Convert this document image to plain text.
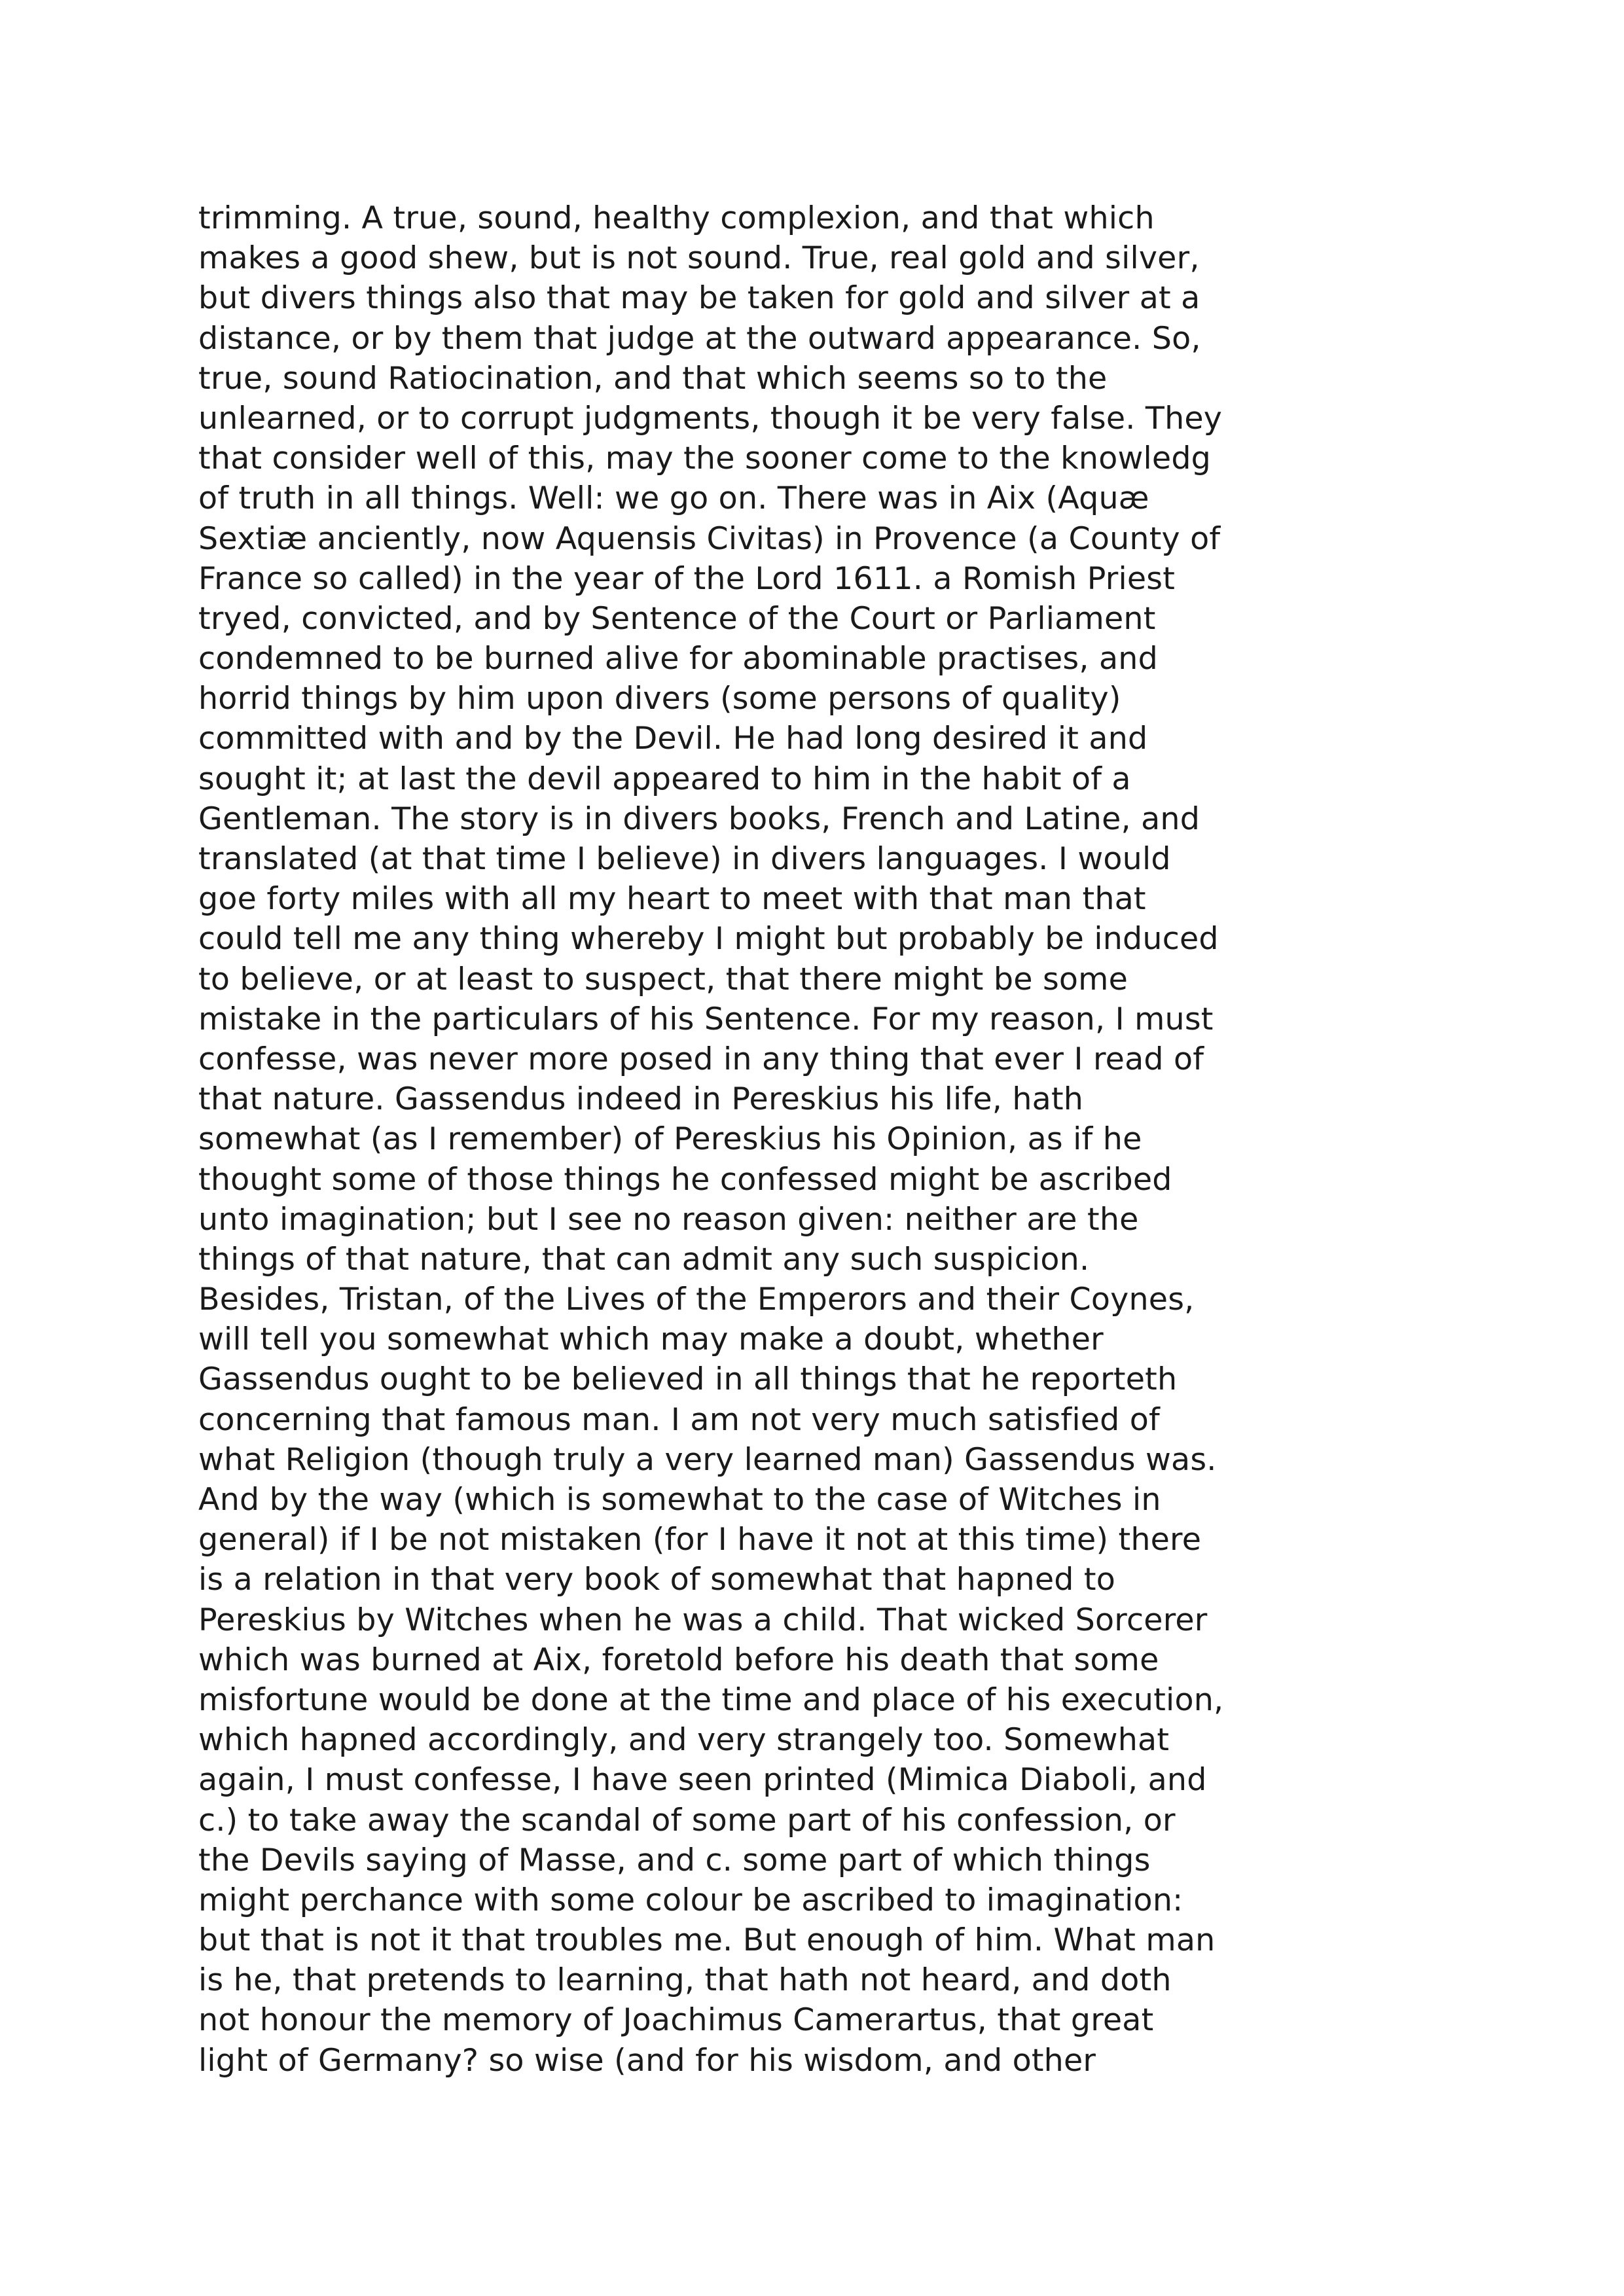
trimming. A true, sound, healthy complexion, and that which
makes a good shew, but is not sound. True, real gold and silver,
but divers things also that may be taken for gold and silver at a
distance, or by them that judge at the outward appearance. So,
true, sound Ratiocination, and that which seems so to the
unlearned, or to corrupt judgments, though it be very false. They
that consider well of this, may the sooner come to the knowledg
of truth in all things. Well: we go on. There was in Aix (Aquæ
Sextiæ anciently, now Aquensis Civitas) in Provence (a County of
France so called) in the year of the Lord 1611. a Romish Priest
tryed, convicted, and by Sentence of the Court or Parliament
condemned to be burned alive for abominable practises, and
horrid things by him upon divers (some persons of quality)
committed with and by the Devil. He had long desired it and
sought it; at last the devil appeared to him in the habit of a
Gentleman. The story is in divers books, French and Latine, and
translated (at that time I believe) in divers languages. I would
goe forty miles with all my heart to meet with that man that
could tell me any thing whereby I might but probably be induced
to believe, or at least to suspect, that there might be some
mistake in the particulars of his Sentence. For my reason, I must
confesse, was never more posed in any thing that ever I read of
that nature. Gassendus indeed in Pereskius his life, hath
somewhat (as I remember) of Pereskius his Opinion, as if he
thought some of those things he confessed might be ascribed
unto imagination; but I see no reason given: neither are the
things of that nature, that can admit any such suspicion.
Besides, Tristan, of the Lives of the Emperors and their Coynes,
will tell you somewhat which may make a doubt, whether
Gassendus ought to be believed in all things that he reporteth
concerning that famous man. I am not very much satisfied of
what Religion (though truly a very learned man) Gassendus was.
And by the way (which is somewhat to the case of Witches in
general) if I be not mistaken (for I have it not at this time) there
is a relation in that very book of somewhat that hapned to
Pereskius by Witches when he was a child. That wicked Sorcerer
which was burned at Aix, foretold before his death that some
misfortune would be done at the time and place of his execution,
which hapned accordingly, and very strangely too. Somewhat
again, I must confesse, I have seen printed (Mimica Diaboli, and
c.) to take away the scandal of some part of his confession, or
the Devils saying of Masse, and c. some part of which things
might perchance with some colour be ascribed to imagination:
but that is not it that troubles me. But enough of him. What man
is he, that pretends to learning, that hath not heard, and doth
not honour the memory of Joachimus Camerartus, that great
light of Germany? so wise (and for his wisdom, and other
